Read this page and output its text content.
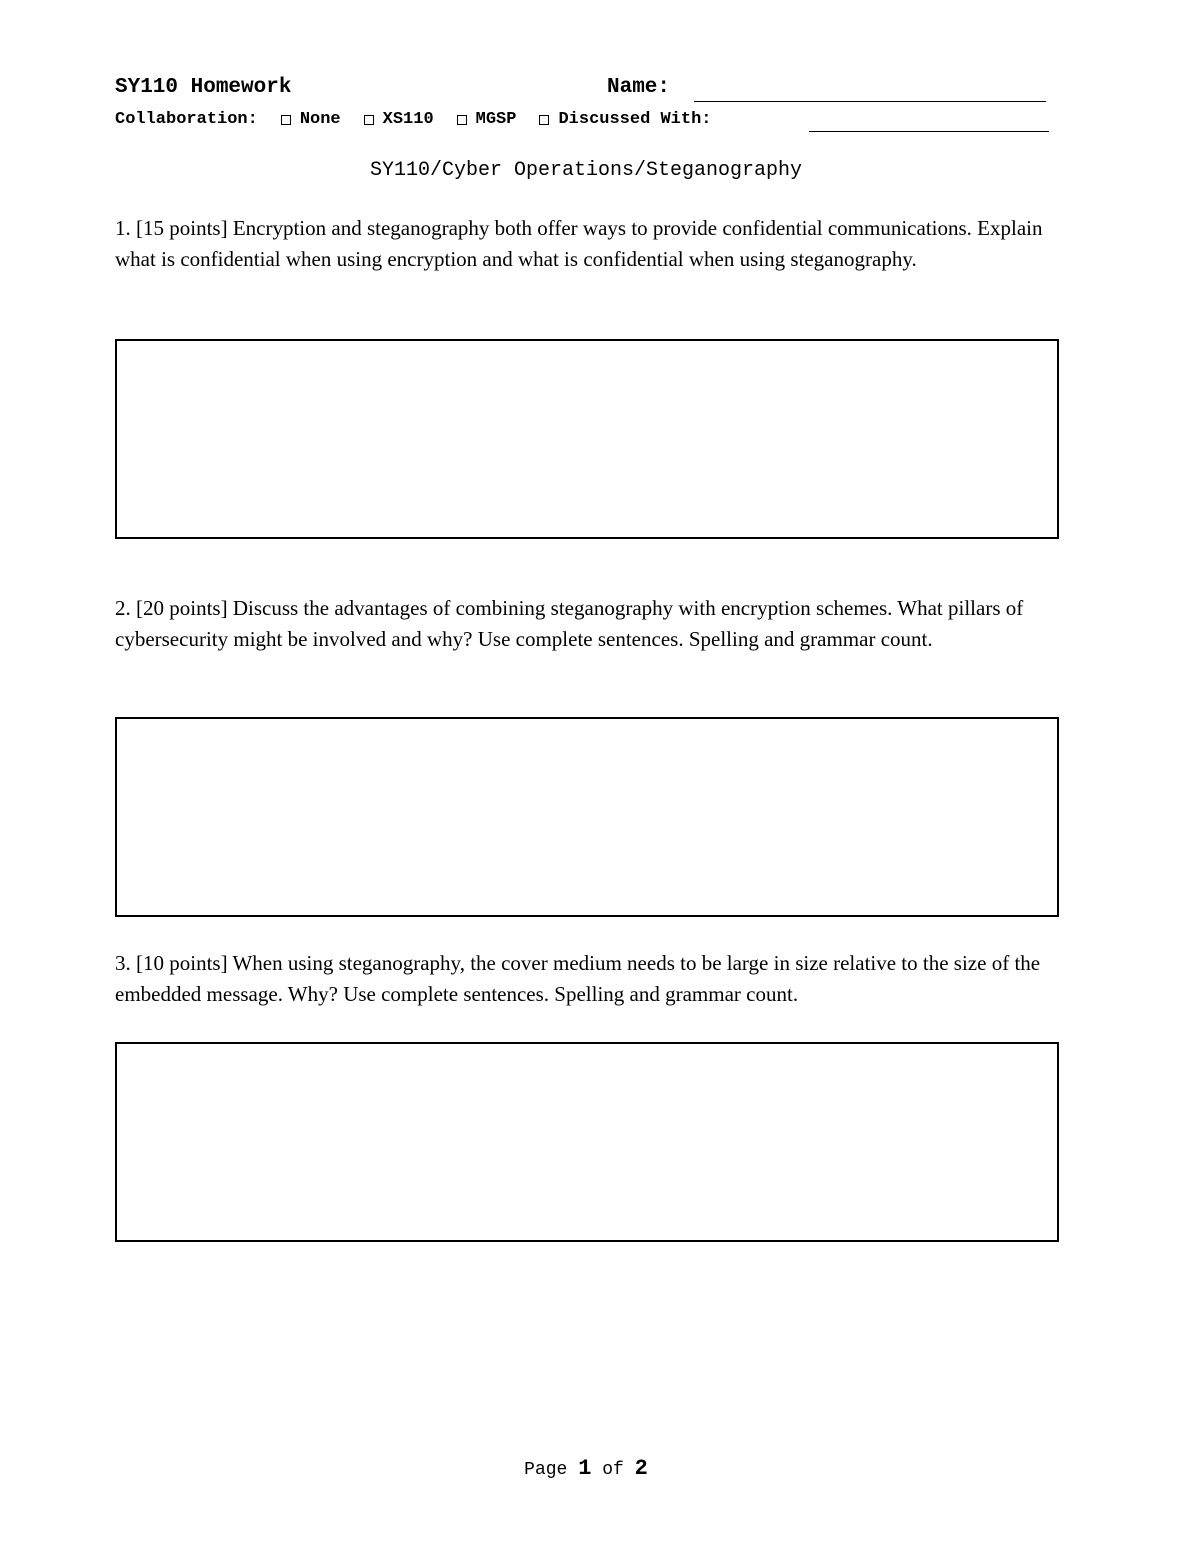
SY110 Homework	Name:
Collaboration: None XS110 MGSP Discussed With:
SY110/Cyber Operations/Steganography
1. [15 points] Encryption and steganography both offer ways to provide confidential communications. Explain what is confidential when using encryption and what is confidential when using steganography.
2. [20 points] Discuss the advantages of combining steganography with encryption schemes. What pillars of cybersecurity might be involved and why? Use complete sentences. Spelling and grammar count.
3. [10 points] When using steganography, the cover medium needs to be large in size relative to the size of the embedded message. Why? Use complete sentences. Spelling and grammar count.
Page 1 of 2
